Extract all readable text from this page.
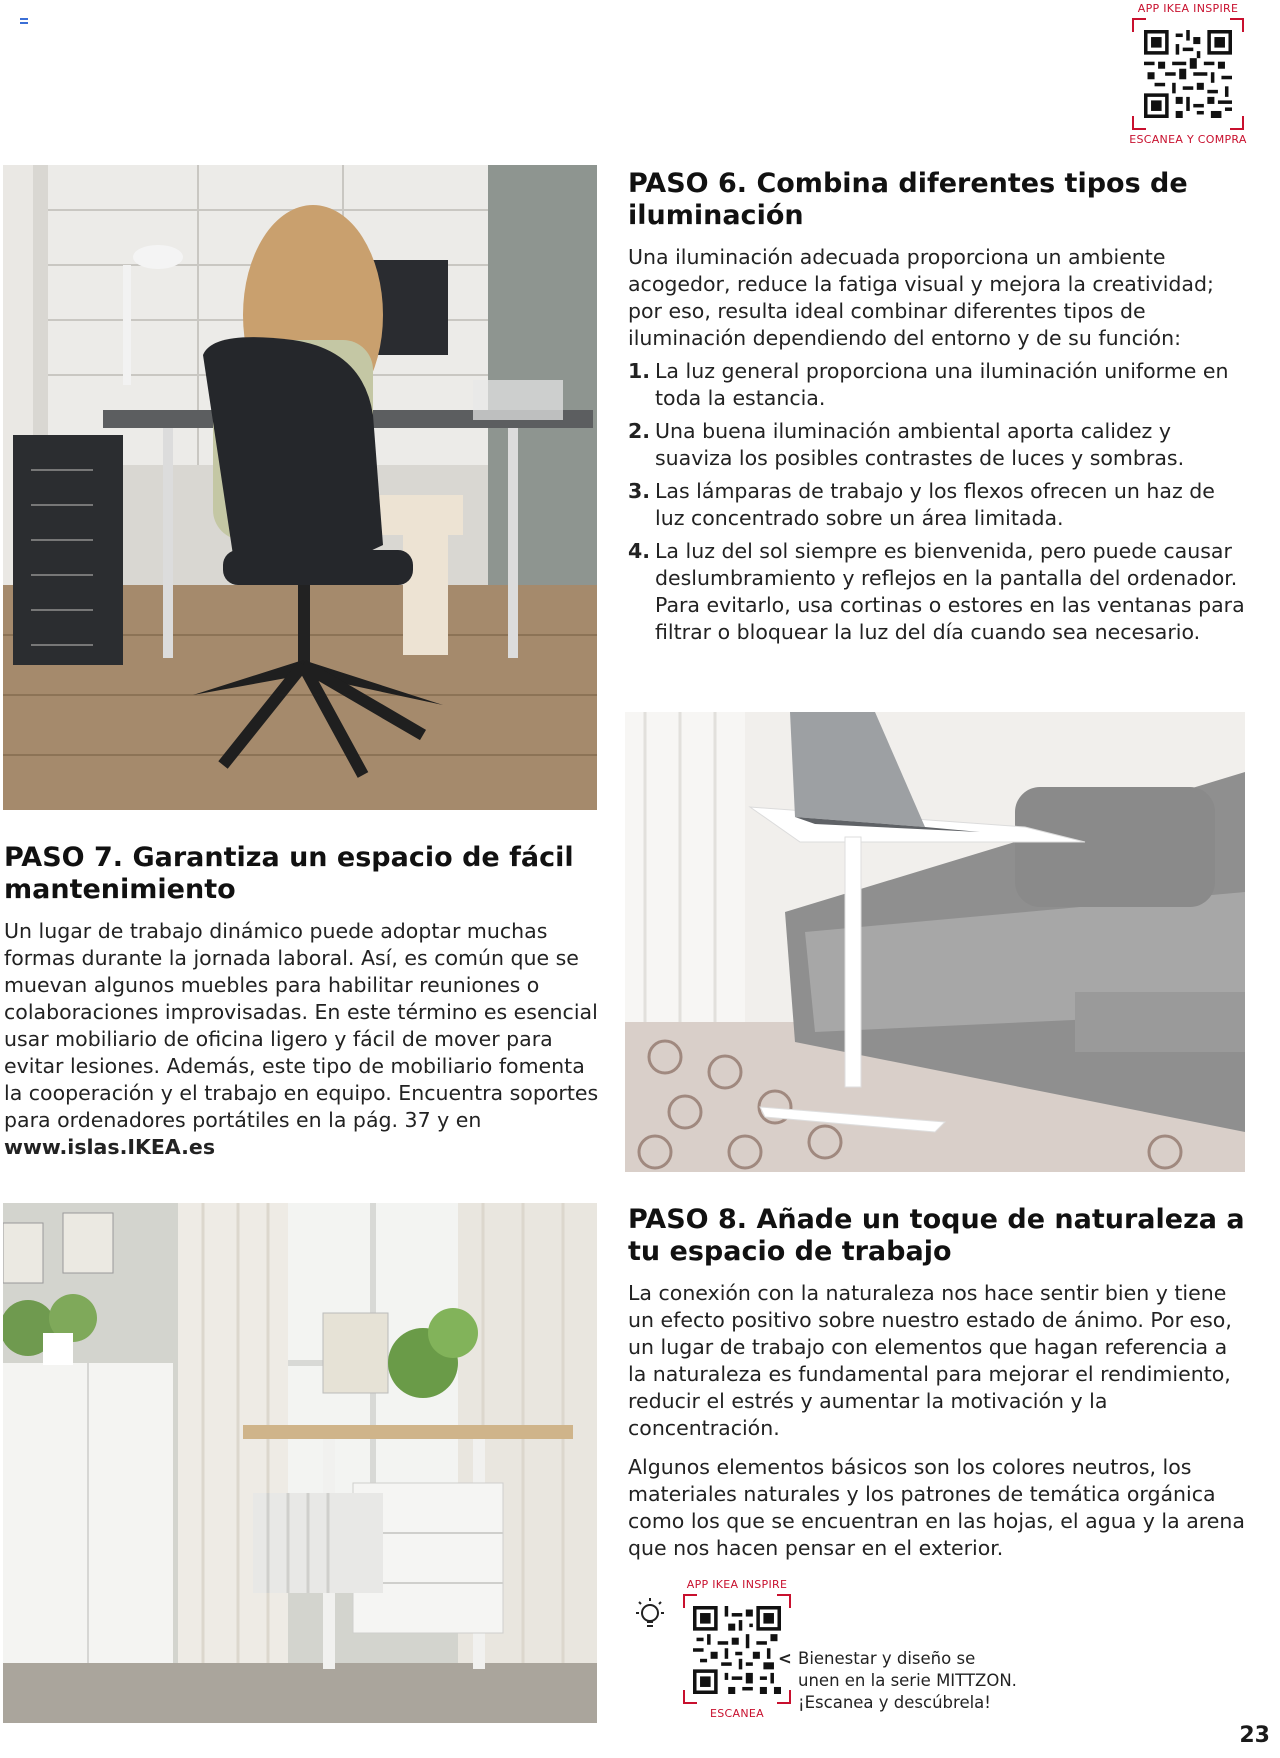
APP IKEA INSPIRE
ESCANEA Y COMPRA
PASO 6. Combina diferentes tipos de iluminación

Una iluminación adecuada proporciona un ambiente acogedor, reduce la fatiga visual y mejora la creatividad; por eso, resulta ideal combinar diferentes tipos de iluminación dependiendo del entorno y de su función:

1. La luz general proporciona una iluminación uniforme en toda la estancia.
2. Una buena iluminación ambiental aporta calidez y suaviza los posibles contrastes de luces y sombras.
3. Las lámparas de trabajo y los flexos ofrecen un haz de luz concentrado sobre un área limitada.
4. La luz del sol siempre es bienvenida, pero puede causar deslumbramiento y reflejos en la pantalla del ordenador. Para evitarlo, usa cortinas o estores en las ventanas para filtrar o bloquear la luz del día cuando sea necesario.
PASO 7. Garantiza un espacio de fácil mantenimiento

Un lugar de trabajo dinámico puede adoptar muchas formas durante la jornada laboral. Así, es común que se muevan algunos muebles para habilitar reuniones o colaboraciones improvisadas. En este término es esencial usar mobiliario de oficina ligero y fácil de mover para evitar lesiones. Además, este tipo de mobiliario fomenta la cooperación y el trabajo en equipo. Encuentra soportes para ordenadores portátiles en la pág. 37 y en www.islas.IKEA.es

PASO 8. Añade un toque de naturaleza a tu espacio de trabajo

La conexión con la naturaleza nos hace sentir bien y tiene un efecto positivo sobre nuestro estado de ánimo. Por eso, un lugar de trabajo con elementos que hagan referencia a la naturaleza es fundamental para mejorar el rendimiento, reducir el estrés y aumentar la motivación y la concentración.

Algunos elementos básicos son los colores neutros, los materiales naturales y los patrones de temática orgánica como los que se encuentran en las hojas, el agua y la arena que nos hacen pensar en el exterior.

APP IKEA INSPIRE
ESCANEA
< Bienestar y diseño se
unen en la serie MITTZON.
¡Escanea y descúbrela!
23
